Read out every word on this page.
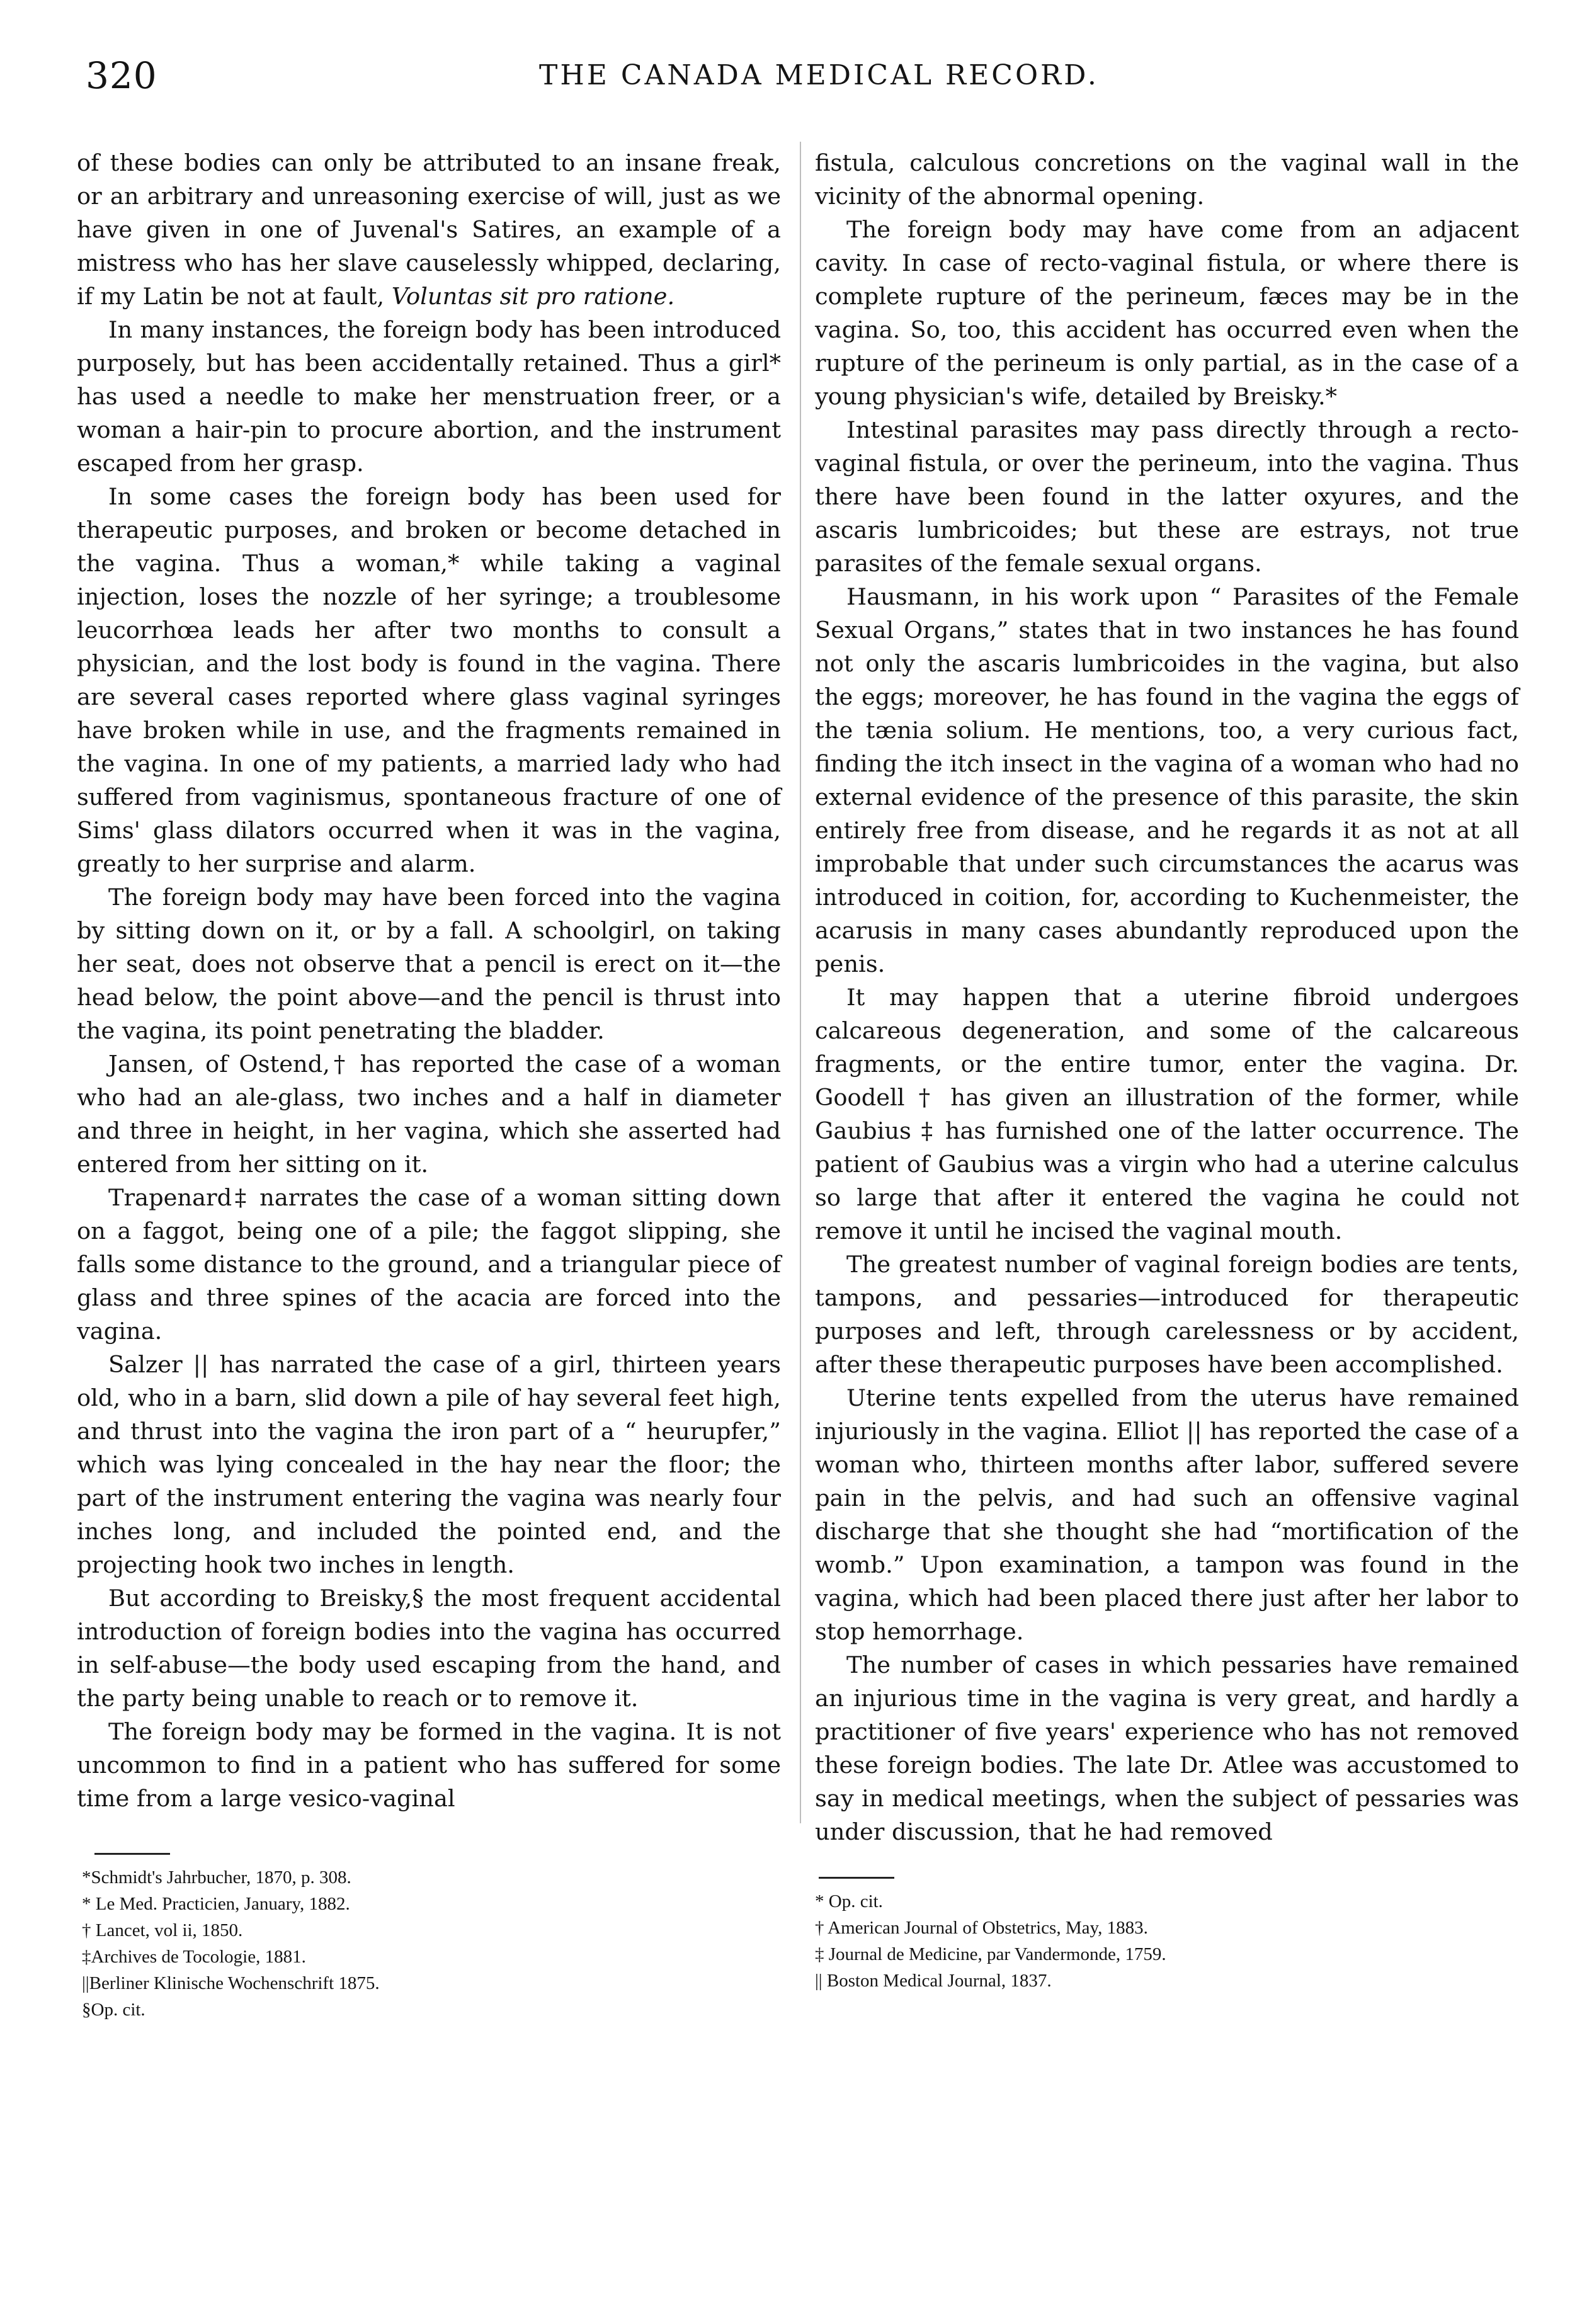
320	THE CANADA MEDICAL RECORD.

of these bodies can only be attributed to an insane freak, or an arbitrary and unreasoning exercise of will, just as we have given in one of Juvenal's Satires, an example of a mistress who has her slave causelessly whipped, declaring, if my Latin be not at fault, Voluntas sit pro ratione.

In many instances, the foreign body has been introduced purposely, but has been accidentally retained. Thus a girl* has used a needle to make her menstruation freer, or a woman a hair-pin to procure abortion, and the instrument escaped from her grasp.

In some cases the foreign body has been used for therapeutic purposes, and broken or become detached in the vagina. Thus a woman,* while taking a vaginal injection, loses the nozzle of her syringe; a troublesome leucorrhœa leads her after two months to consult a physician, and the lost body is found in the vagina. There are several cases reported where glass vaginal syringes have broken while in use, and the fragments remained in the vagina. In one of my patients, a married lady who had suffered from vaginismus, spontaneous fracture of one of Sims' glass dilators occurred when it was in the vagina, greatly to her surprise and alarm.

The foreign body may have been forced into the vagina by sitting down on it, or by a fall. A schoolgirl, on taking her seat, does not observe that a pencil is erect on it—the head below, the point above—and the pencil is thrust into the vagina, its point penetrating the bladder.

Jansen, of Ostend,† has reported the case of a woman who had an ale-glass, two inches and a half in diameter and three in height, in her vagina, which she asserted had entered from her sitting on it.

Trapenard‡ narrates the case of a woman sitting down on a faggot, being one of a pile; the faggot slipping, she falls some distance to the ground, and a triangular piece of glass and three spines of the acacia are forced into the vagina.

Salzer || has narrated the case of a girl, thirteen years old, who in a barn, slid down a pile of hay several feet high, and thrust into the vagina the iron part of a “ heurupfer,” which was lying concealed in the hay near the floor; the part of the instrument entering the vagina was nearly four inches long, and included the pointed end, and the projecting hook two inches in length.

But according to Breisky,§ the most frequent accidental introduction of foreign bodies into the vagina has occurred in self-abuse—the body used escaping from the hand, and the party being unable to reach or to remove it.

The foreign body may be formed in the vagina. It is not uncommon to find in a patient who has suffered for some time from a large vesico-vaginal

fistula, calculous concretions on the vaginal wall in the vicinity of the abnormal opening.

The foreign body may have come from an adjacent cavity. In case of recto-vaginal fistula, or where there is complete rupture of the perineum, fæces may be in the vagina. So, too, this accident has occurred even when the rupture of the perineum is only partial, as in the case of a young physician's wife, detailed by Breisky.*

Intestinal parasites may pass directly through a recto-vaginal fistula, or over the perineum, into the vagina. Thus there have been found in the latter oxyures, and the ascaris lumbricoides; but these are estrays, not true parasites of the female sexual organs.

Hausmann, in his work upon “ Parasites of the Female Sexual Organs,” states that in two instances he has found not only the ascaris lumbricoides in the vagina, but also the eggs; moreover, he has found in the vagina the eggs of the tænia solium. He mentions, too, a very curious fact, finding the itch insect in the vagina of a woman who had no external evidence of the presence of this parasite, the skin entirely free from disease, and he regards it as not at all improbable that under such circumstances the acarus was introduced in coition, for, according to Kuchenmeister, the acarusis in many cases abundantly reproduced upon the penis.

It may happen that a uterine fibroid undergoes calcareous degeneration, and some of the calcareous fragments, or the entire tumor, enter the vagina. Dr. Goodell † has given an illustration of the former, while Gaubius ‡ has furnished one of the latter occurrence. The patient of Gaubius was a virgin who had a uterine calculus so large that after it entered the vagina he could not remove it until he incised the vaginal mouth.

The greatest number of vaginal foreign bodies are tents, tampons, and pessaries—introduced for therapeutic purposes and left, through carelessness or by accident, after these therapeutic purposes have been accomplished.

Uterine tents expelled from the uterus have remained injuriously in the vagina. Elliot || has reported the case of a woman who, thirteen months after labor, suffered severe pain in the pelvis, and had such an offensive vaginal discharge that she thought she had “mortification of the womb.” Upon examination, a tampon was found in the vagina, which had been placed there just after her labor to stop hemorrhage.

The number of cases in which pessaries have remained an injurious time in the vagina is very great, and hardly a practitioner of five years' experience who has not removed these foreign bodies. The late Dr. Atlee was accustomed to say in medical meetings, when the subject of pessaries was under discussion, that he had removed

*Schmidt's Jahrbucher, 1870, p. 308.
* Le Med. Practicien, January, 1882.
† Lancet, vol ii, 1850.
‡Archives de Tocologie, 1881.
||Berliner Klinische Wochenschrift 1875.
§Op. cit.
* Op. cit.
† American Journal of Obstetrics, May, 1883.
‡ Journal de Medicine, par Vandermonde, 1759.
|| Boston Medical Journal, 1837.
